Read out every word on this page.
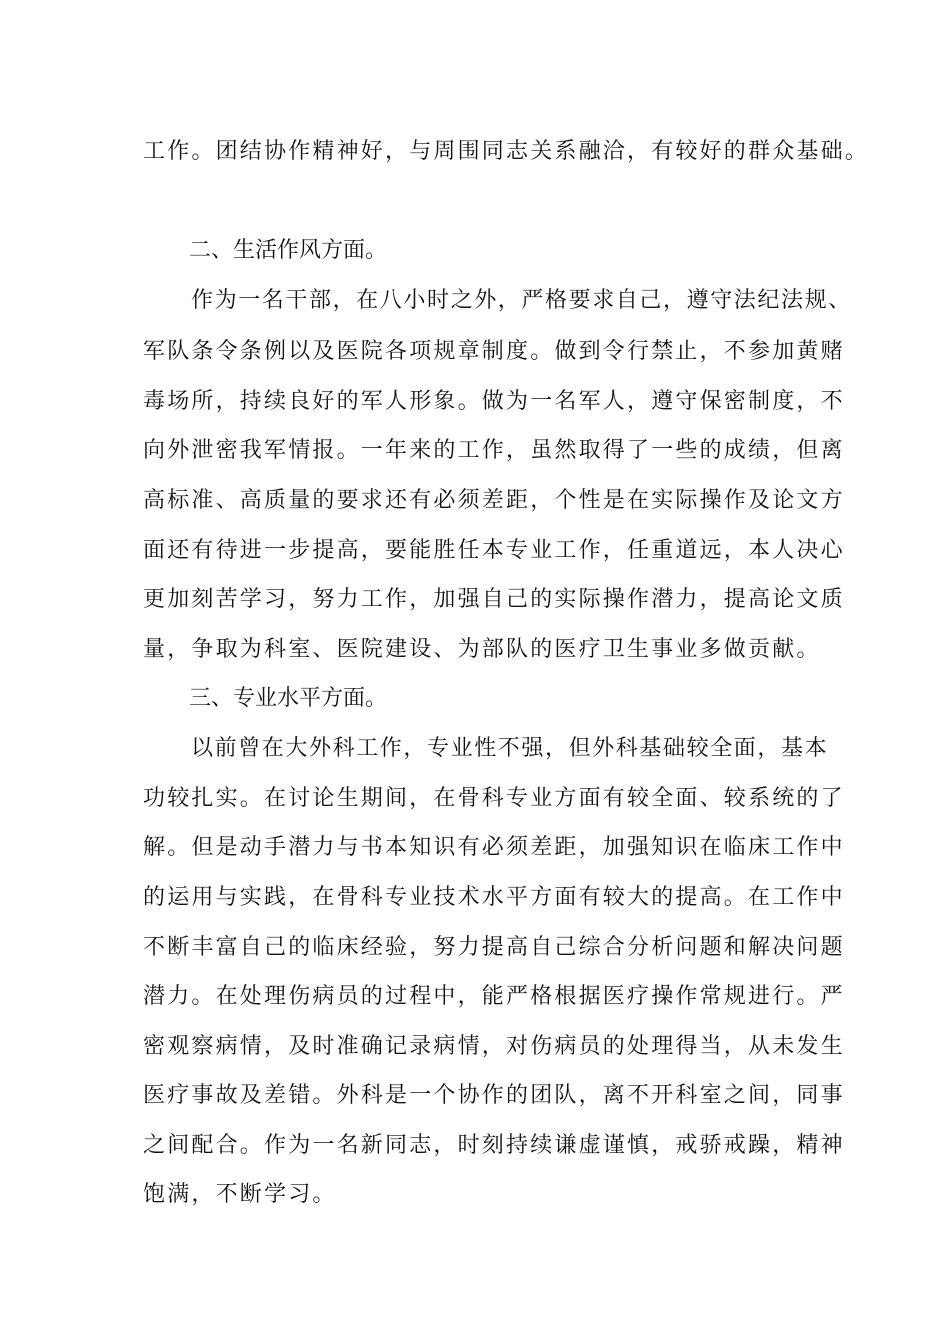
工作。团结协作精神好，与周围同志关系融洽，有较好的群众基础。
二、生活作风方面。
作为一名干部，在八小时之外，严格要求自己，遵守法纪法规、
军队条令条例以及医院各项规章制度。做到令行禁止，不参加黄赌
毒场所，持续良好的军人形象。做为一名军人，遵守保密制度，不
向外泄密我军情报。一年来的工作，虽然取得了一些的成绩，但离
高标准、高质量的要求还有必须差距，个性是在实际操作及论文方
面还有待进一步提高，要能胜任本专业工作，任重道远，本人决心
更加刻苦学习，努力工作，加强自己的实际操作潜力，提高论文质
量，争取为科室、医院建设、为部队的医疗卫生事业多做贡献。
三、专业水平方面。
以前曾在大外科工作，专业性不强，但外科基础较全面，基本
功较扎实。在讨论生期间，在骨科专业方面有较全面、较系统的了
解。但是动手潜力与书本知识有必须差距，加强知识在临床工作中
的运用与实践，在骨科专业技术水平方面有较大的提高。在工作中
不断丰富自己的临床经验，努力提高自己综合分析问题和解决问题
潜力。在处理伤病员的过程中，能严格根据医疗操作常规进行。严
密观察病情，及时准确记录病情，对伤病员的处理得当，从未发生
医疗事故及差错。外科是一个协作的团队，离不开科室之间，同事
之间配合。作为一名新同志，时刻持续谦虚谨慎，戒骄戒躁，精神
饱满，不断学习。
